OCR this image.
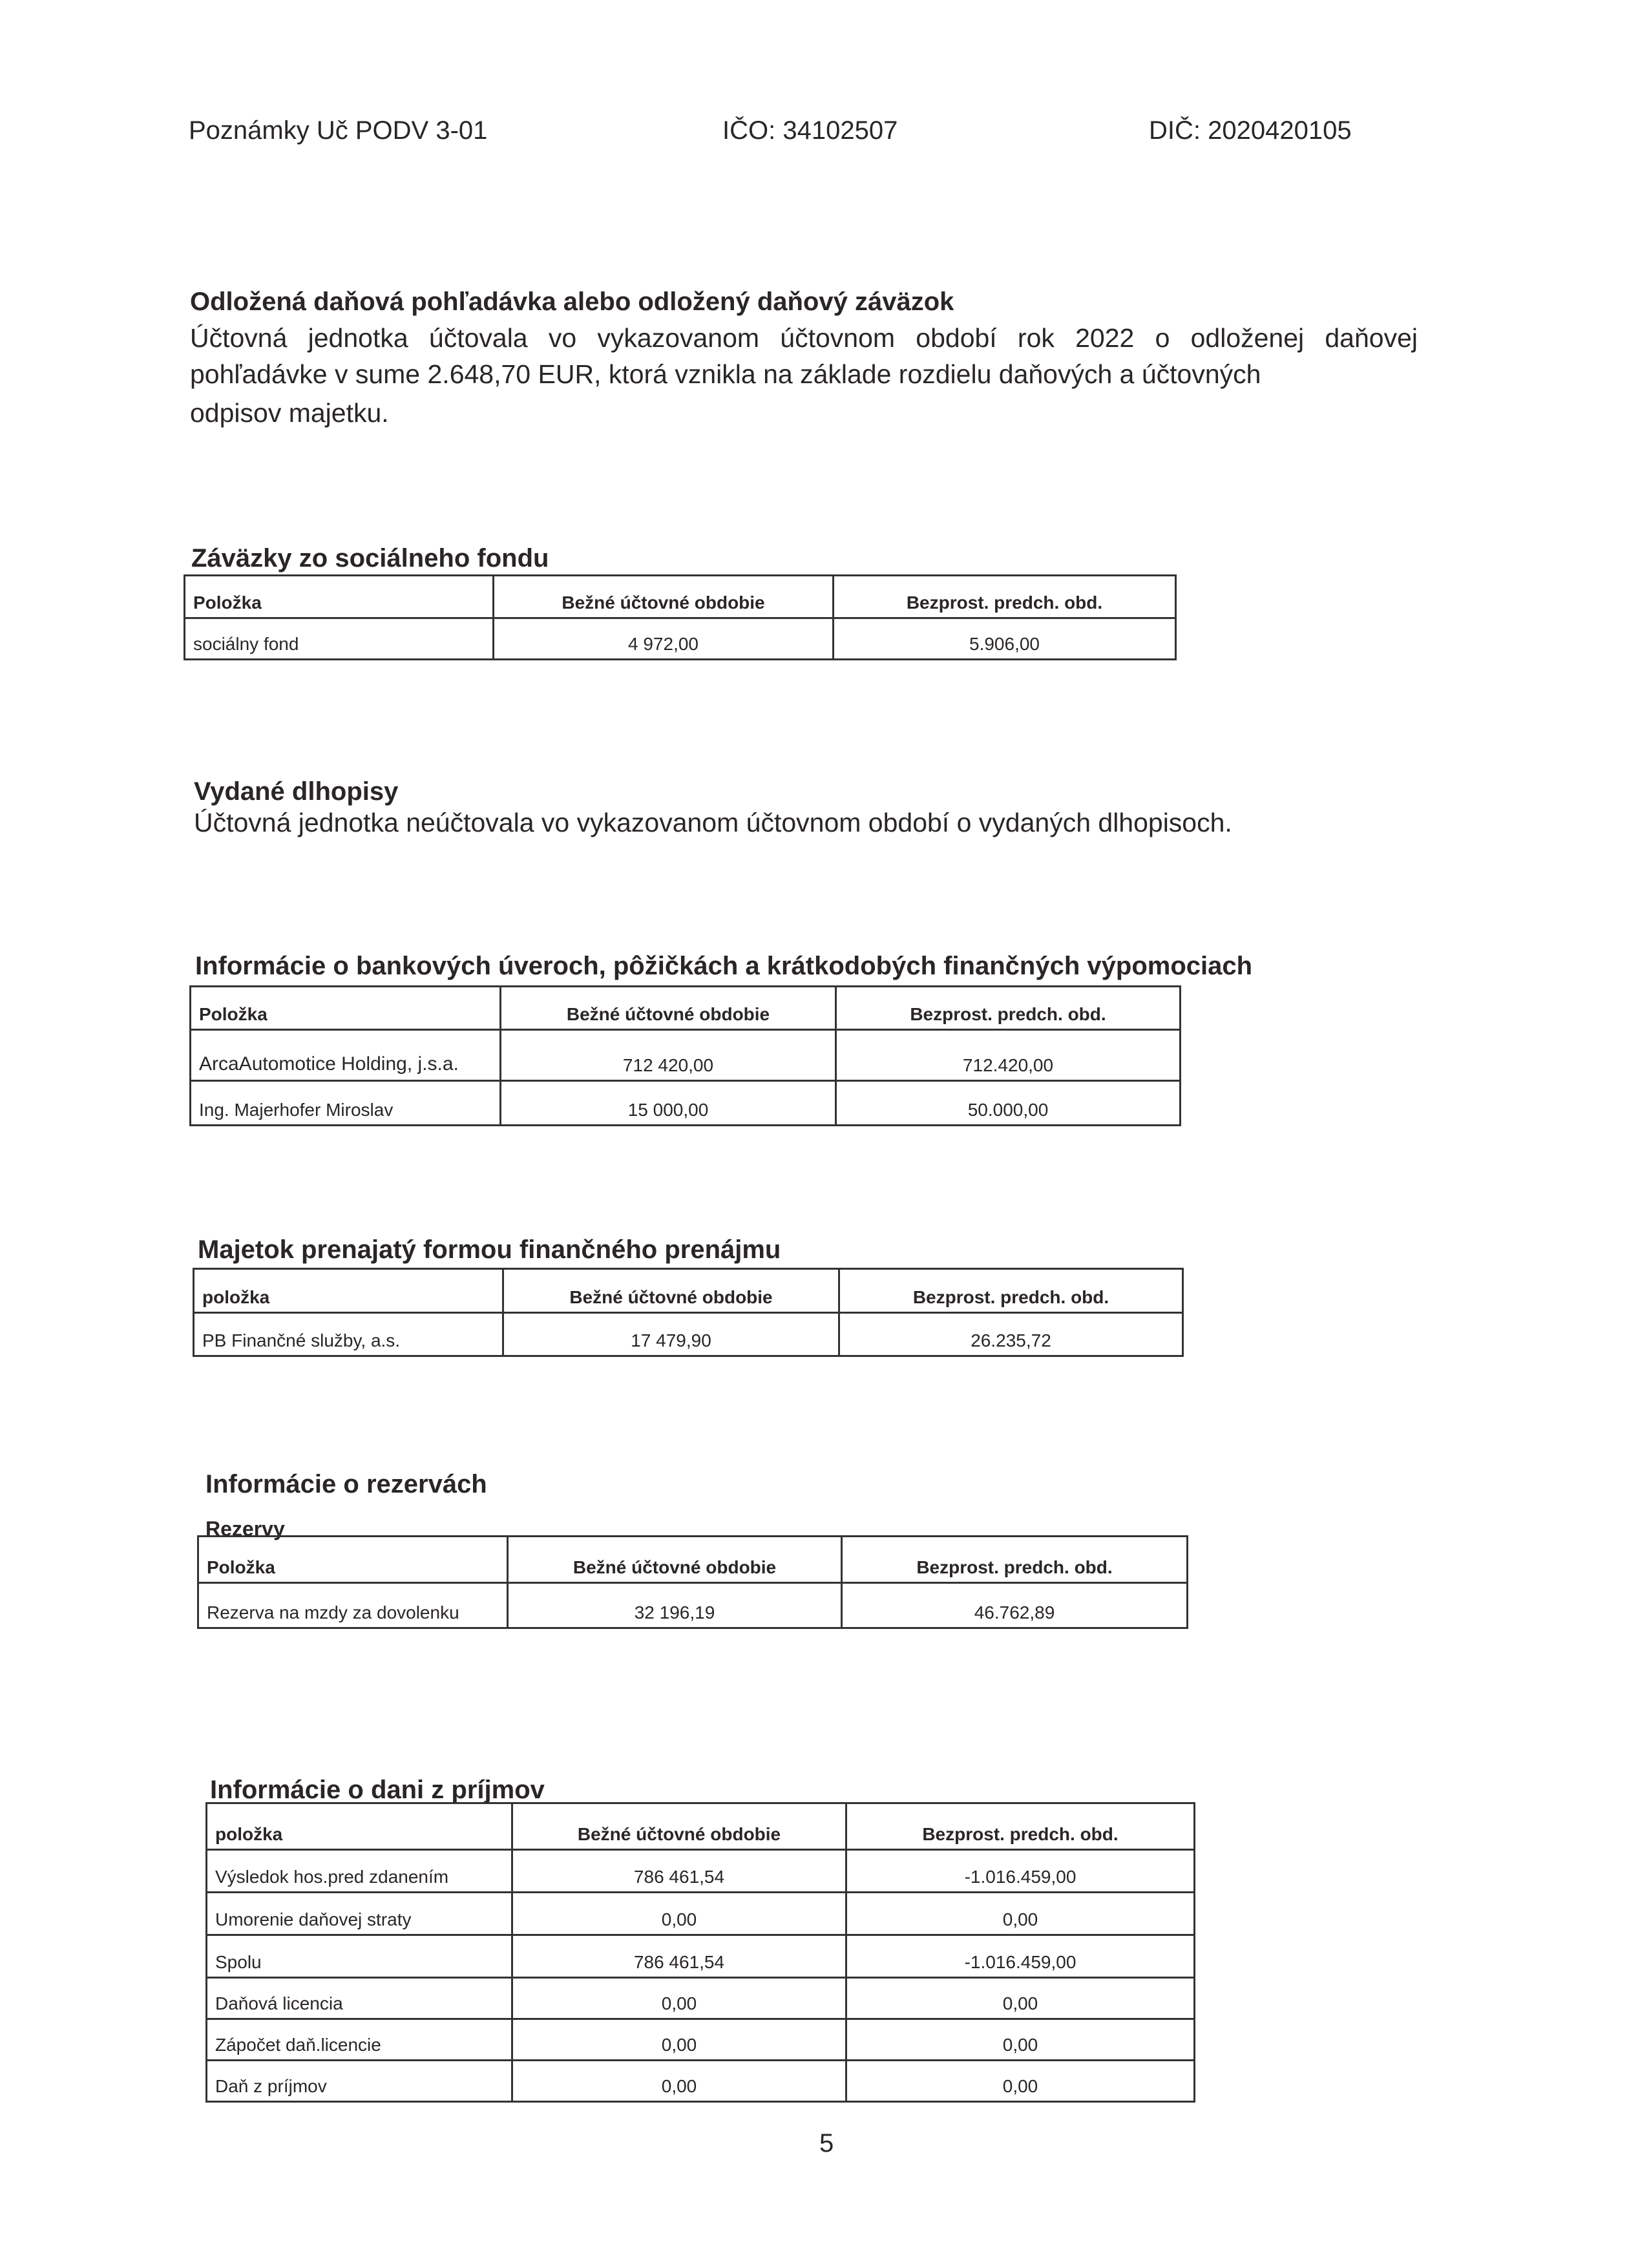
Poznámky Uč PODV 3-01	IČO: 34102507	DIČ: 2020420105
Odložená daňová pohľadávka alebo odložený daňový záväzok
Účtovná jednotka účtovala vo vykazovanom účtovnom období rok 2022 o odloženej daňovej
pohľadávke v sume 2.648,70 EUR, ktorá vznikla na základe rozdielu daňových a účtovných
odpisov majetku.
Záväzky zo sociálneho fondu
Položka	Bežné účtovné obdobie	Bezprost. predch. obd.
sociálny fond	4 972,00	5.906,00
Vydané dlhopisy
Účtovná jednotka neúčtovala vo vykazovanom účtovnom období o vydaných dlhopisoch.
Informácie o bankových úveroch, pôžičkách a krátkodobých finančných výpomociach
Položka	Bežné účtovné obdobie	Bezprost. predch. obd.
ArcaAutomotice Holding, j.s.a.	712 420,00	712.420,00
Ing. Majerhofer Miroslav	15 000,00	50.000,00
Majetok prenajatý formou finančného prenájmu
položka	Bežné účtovné obdobie	Bezprost. predch. obd.
PB Finančné služby, a.s.	17 479,90	26.235,72
Informácie o rezervách
Rezervy
Položka	Bežné účtovné obdobie	Bezprost. predch. obd.
Rezerva na mzdy za dovolenku	32 196,19	46.762,89
Informácie o dani z príjmov
položka	Bežné účtovné obdobie	Bezprost. predch. obd.
Výsledok hos.pred zdanením	786 461,54	-1.016.459,00
Umorenie daňovej straty	0,00	0,00
Spolu	786 461,54	-1.016.459,00
Daňová licencia	0,00	0,00
Zápočet daň.licencie	0,00	0,00
Daň z príjmov	0,00	0,00
5
